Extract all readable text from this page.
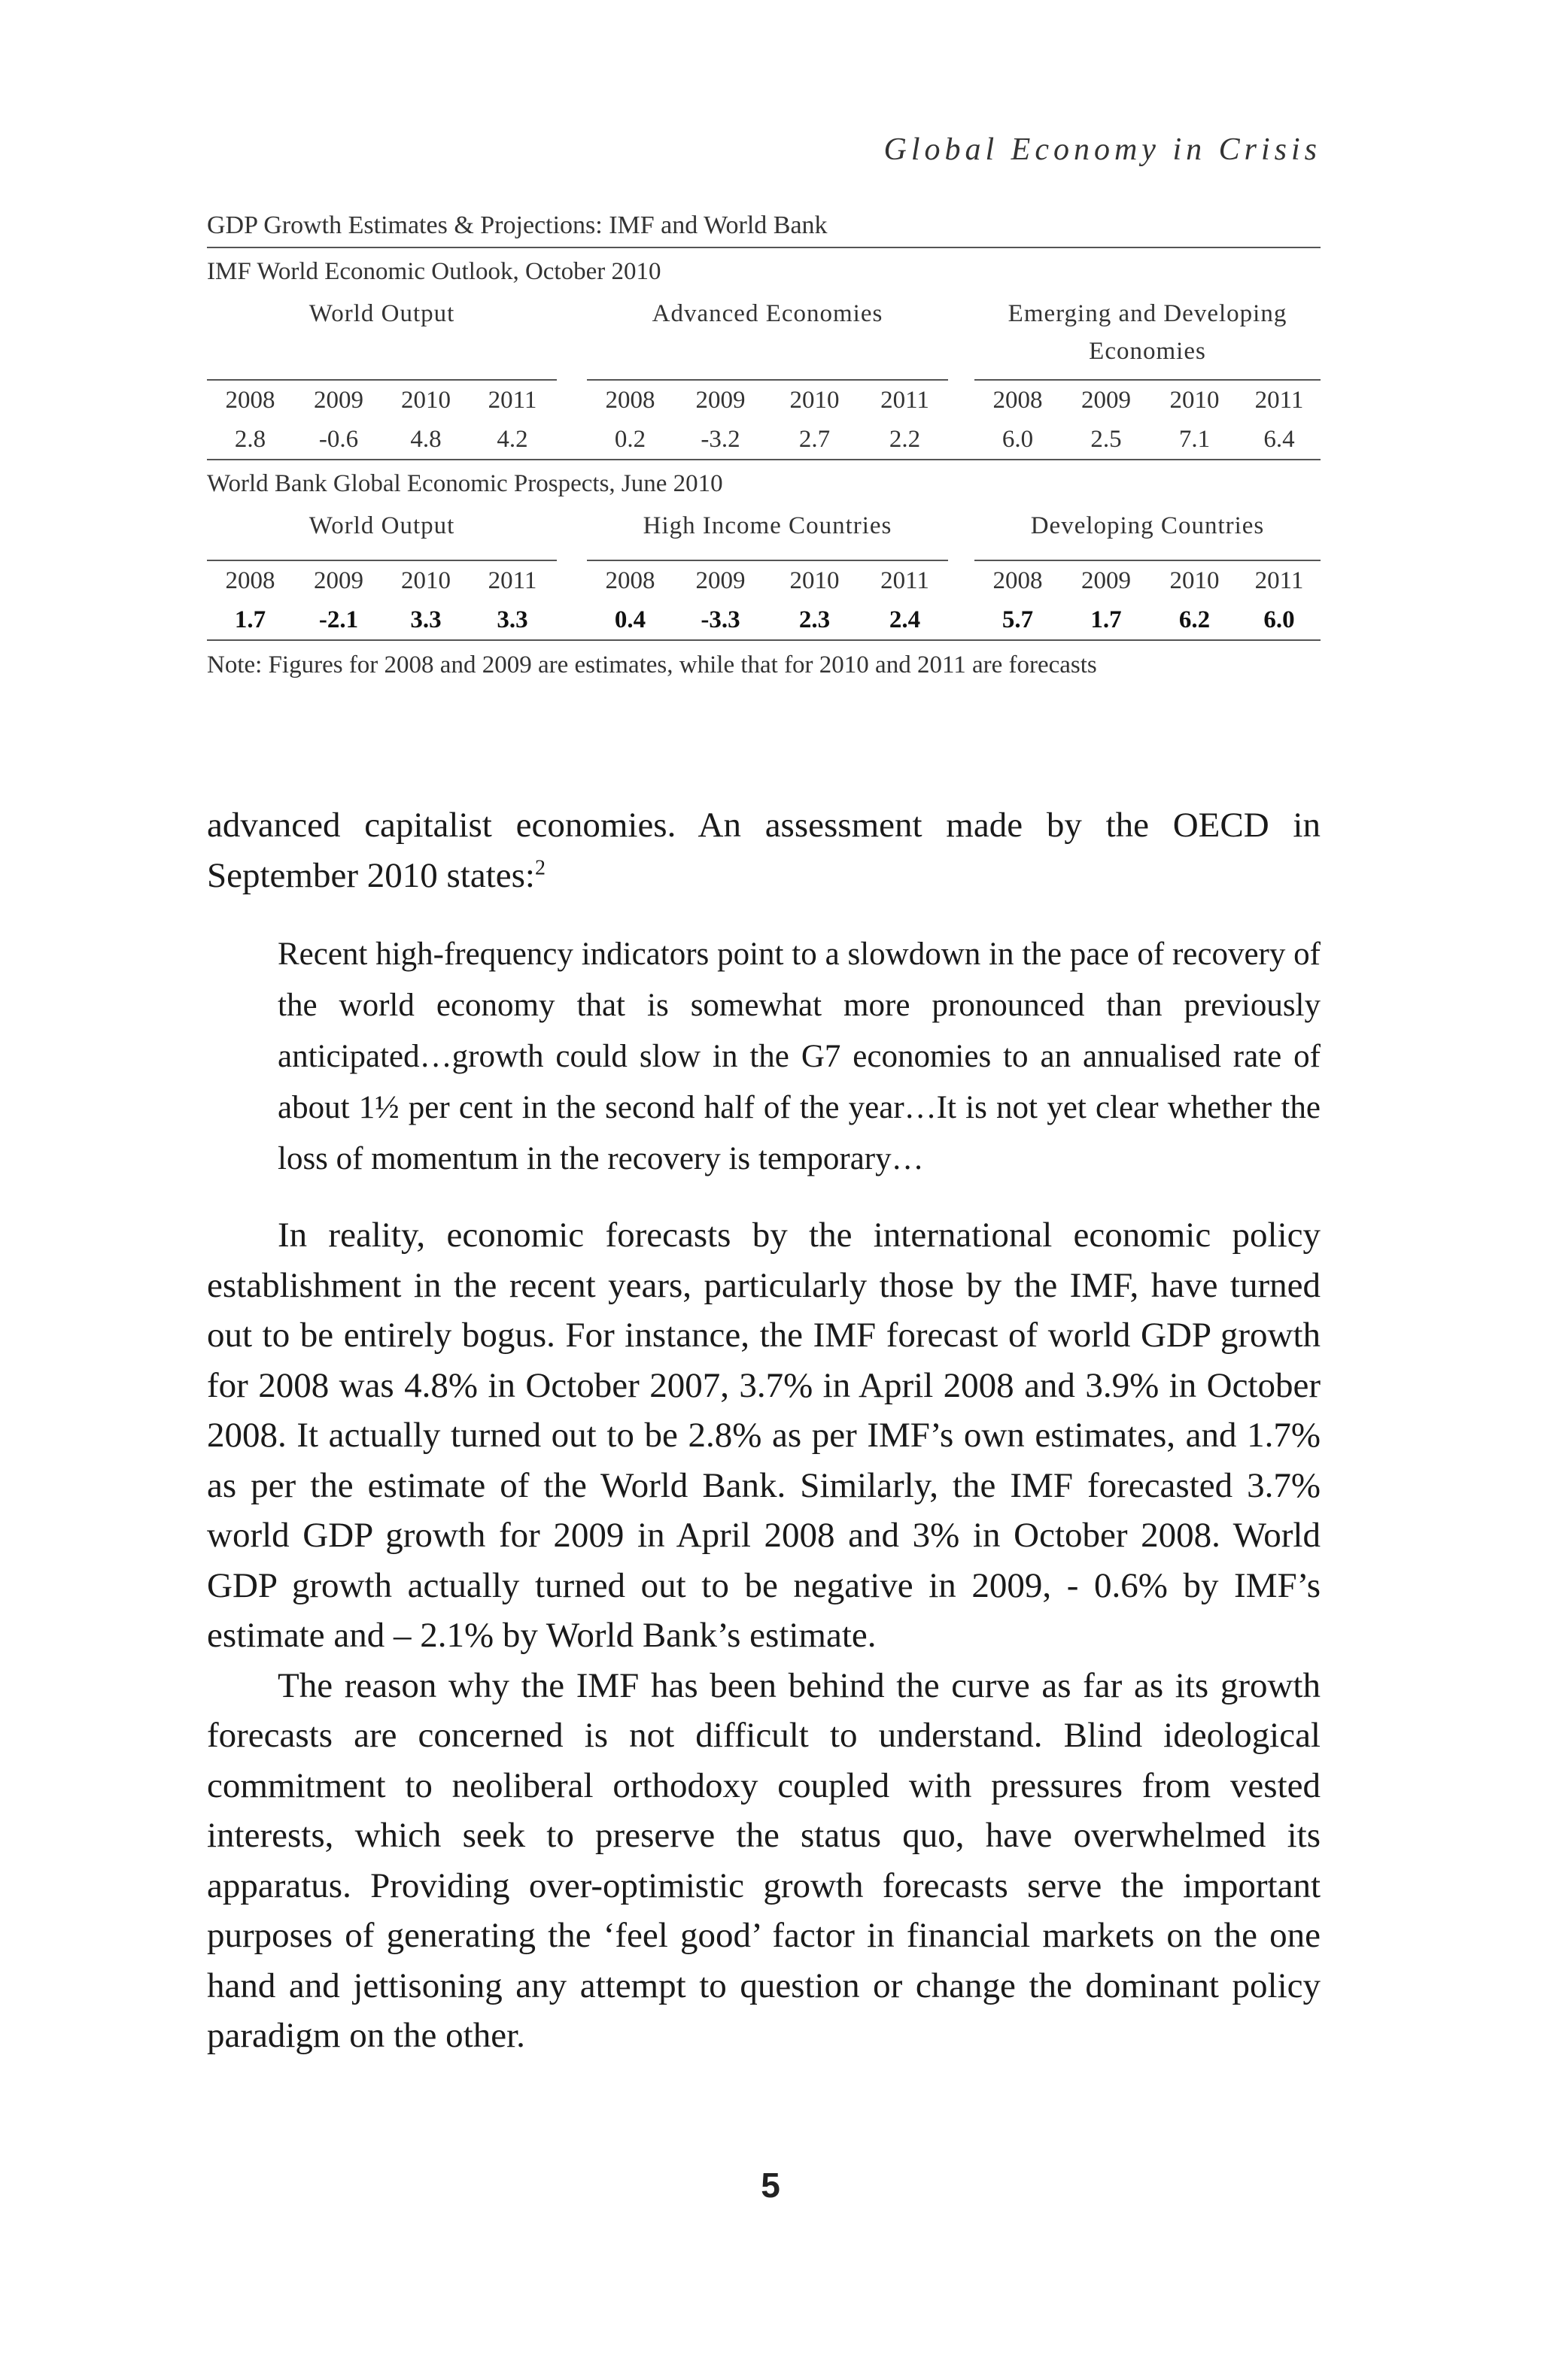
Global Economy in Crisis
GDP Growth Estimates & Projections: IMF and World Bank
IMF World Economic Outlook, October 2010
World Output	Advanced Economies	Emerging and Developing Economies
2008	2009	2010	2011	2008	2009	2010	2011	2008	2009	2010	2011
2.8	-0.6	4.8	4.2	0.2	-3.2	2.7	2.2	6.0	2.5	7.1	6.4
World Bank Global Economic Prospects, June 2010
World Output	High Income Countries	Developing Countries
2008	2009	2010	2011	2008	2009	2010	2011	2008	2009	2010	2011
1.7	-2.1	3.3	3.3	0.4	-3.3	2.3	2.4	5.7	1.7	6.2	6.0
Note: Figures for 2008 and 2009 are estimates, while that for 2010 and 2011 are forecasts

advanced capitalist economies. An assessment made by the OECD in September 2010 states:$^2$

Recent high-frequency indicators point to a slowdown in the pace of recovery of the world economy that is somewhat more pronounced than previously anticipated…growth could slow in the G7 economies to an annualised rate of about 1½ per cent in the second half of the year…It is not yet clear whether the loss of momentum in the recovery is temporary…

In reality, economic forecasts by the international economic policy establishment in the recent years, particularly those by the IMF, have turned out to be entirely bogus. For instance, the IMF forecast of world GDP growth for 2008 was 4.8% in October 2007, 3.7% in April 2008 and 3.9% in October 2008. It actually turned out to be 2.8% as per IMF’s own estimates, and 1.7% as per the estimate of the World Bank. Similarly, the IMF forecasted 3.7% world GDP growth for 2009 in April 2008 and 3% in October 2008. World GDP growth actually turned out to be negative in 2009, - 0.6% by IMF’s estimate and – 2.1% by World Bank’s estimate.

The reason why the IMF has been behind the curve as far as its growth forecasts are concerned is not difficult to understand. Blind ideological commitment to neoliberal orthodoxy coupled with pressures from vested interests, which seek to preserve the status quo, have overwhelmed its apparatus. Providing over-optimistic growth forecasts serve the important purposes of generating the ‘feel good’ factor in financial markets on the one hand and jettisoning any attempt to question or change the dominant policy paradigm on the other.

5
